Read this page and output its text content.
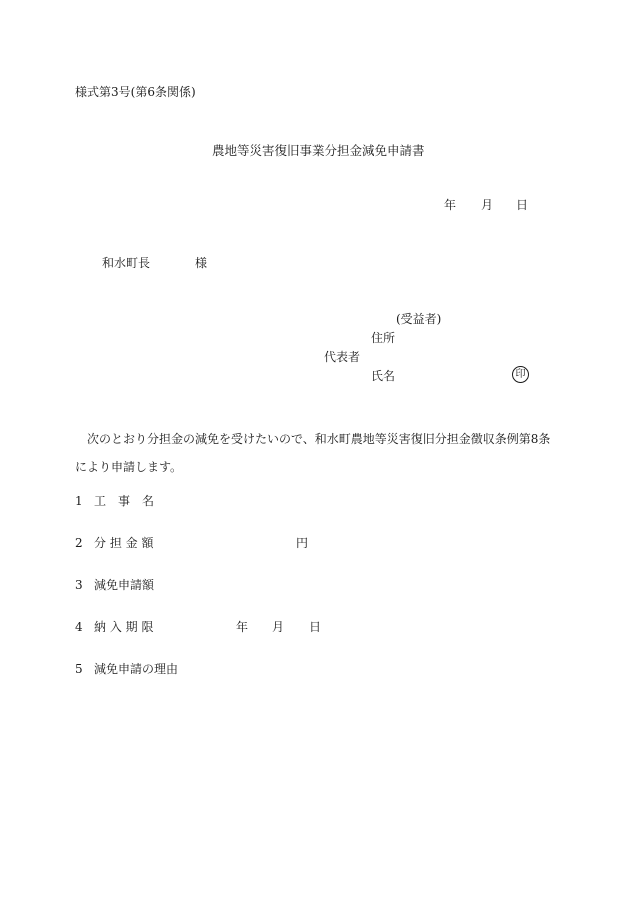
様式第3号(第6条関係)
農地等災害復旧事業分担金減免申請書
年 月 日
和水町長	様
(受益者)
住所
代表者
氏名	印
次のとおり分担金の減免を受けたいので、和水町農地等災害復旧分担金徴収条例第8条により申請します。
1 工　事　名
2 分 担 金 額	円
3 減免申請額
4 納 入 期 限	年 月 日
5 減免申請の理由
